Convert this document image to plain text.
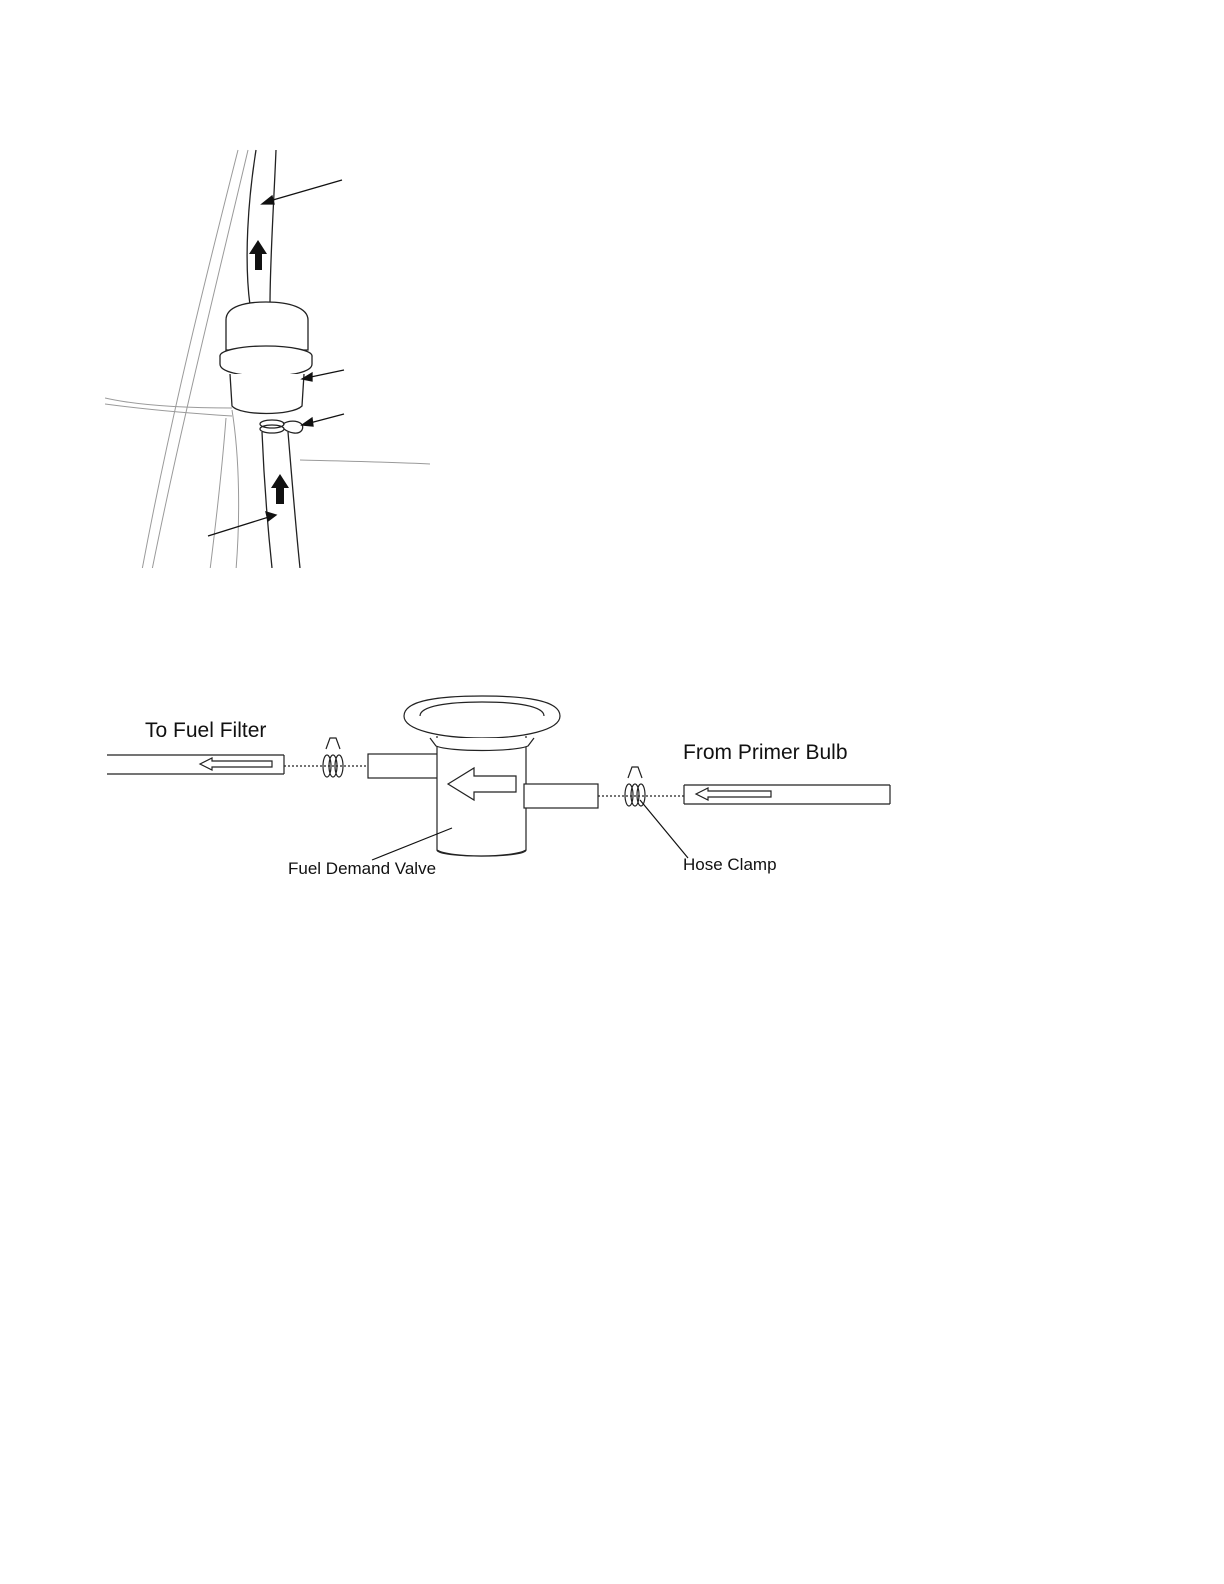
To Fuel Filter
From Primer Bulb
Fuel Demand Valve	Hose Clamp
